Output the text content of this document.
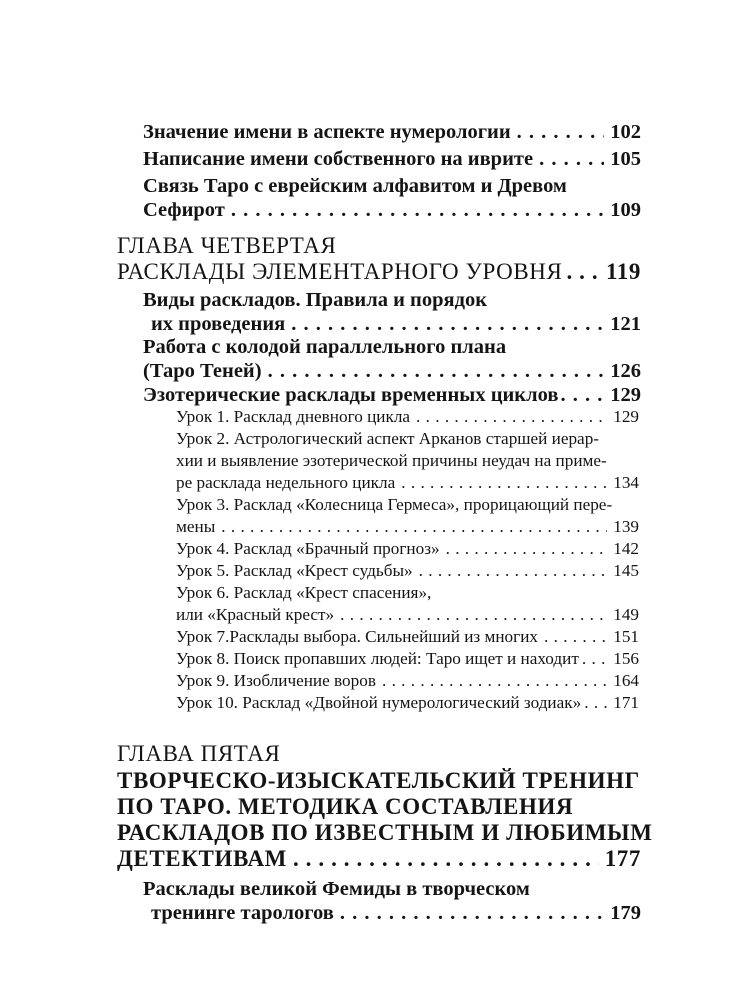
Значение имени в аспекте нумерологии . . .	102
Написание имени собственного на иврите . . .	105
Связь Таро с еврейским алфавитом и Древом
Сефирот . . .	109
ГЛАВА ЧЕТВЕРТАЯ
РАСКЛАДЫ ЭЛЕМЕНТАРНОГО УРОВНЯ . . . 119
Виды раскладов. Правила и порядок
их проведения . . .	121
Работа с колодой параллельного плана
(Таро Теней) . . .	126
Эзотерические расклады временных циклов . . .	129
Урок 1. Расклад дневного цикла . . .	129
Урок 2. Астрологический аспект Арканов старшей иерар-
хии и выявление эзотерической причины неудач на приме-
ре расклада недельного цикла . . .	134
Урок 3. Расклад «Колесница Гермеса», прорицающий пере-
мены . . .	139
Урок 4. Расклад «Брачный прогноз» . . .	142
Урок 5. Расклад «Крест судьбы» . . .	145
Урок 6. Расклад «Крест спасения»,
или «Красный крест» . . .	149
Урок 7.Расклады выбора. Сильнейший из многих . . .	151
Урок 8. Поиск пропавших людей: Таро ищет и находит . . . 156
Урок 9. Изобличение воров . . .	164
Урок 10. Расклад «Двойной нумерологический зодиак» . . . 171
ГЛАВА ПЯТАЯ
ТВОРЧЕСКО-ИЗЫСКАТЕЛЬСКИЙ ТРЕНИНГ
ПО ТАРО. МЕТОДИКА СОСТАВЛЕНИЯ
РАСКЛАДОВ ПО ИЗВЕСТНЫМ И ЛЮБИМЫМ
ДЕТЕКТИВАМ . . .	177
Расклады великой Фемиды в творческом
тренинге тарологов . . .	179
